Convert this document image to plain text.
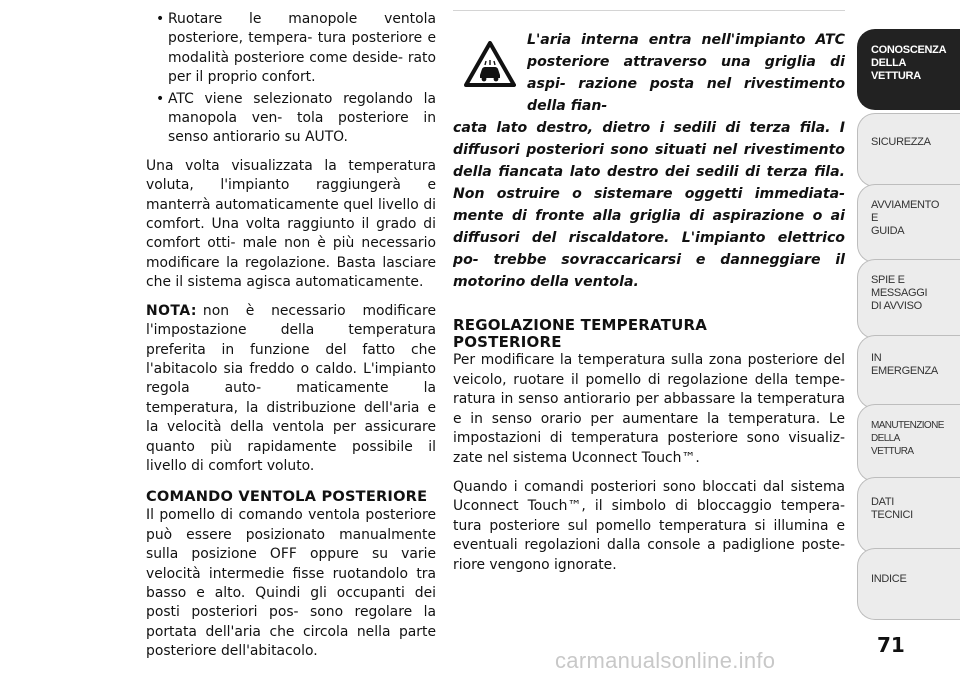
• Ruotare le manopole ventola posteriore, tempera- tura posteriore e modalità posteriore come deside- rato per il proprio confort.
• ATC viene selezionato regolando la manopola ven- tola posteriore in senso antiorario su AUTO.

Una volta visualizzata la temperatura voluta, l'impianto raggiungerà e manterrà automaticamente quel livello di comfort. Una volta raggiunto il grado di comfort otti- male non è più necessario modificare la regolazione. Basta lasciare che il sistema agisca automaticamente.

NOTA: non è necessario modificare l'impostazione della temperatura preferita in funzione del fatto che l'abitacolo sia freddo o caldo. L'impianto regola auto- maticamente la temperatura, la distribuzione dell'aria e la velocità della ventola per assicurare quanto più rapidamente possibile il livello di comfort voluto.

COMANDO VENTOLA POSTERIORE

Il pomello di comando ventola posteriore può essere posizionato manualmente sulla posizione OFF oppure su varie velocità intermedie fisse ruotandolo tra basso e alto. Quindi gli occupanti dei posti posteriori pos- sono regolare la portata dell'aria che circola nella parte posteriore dell'abitacolo.

L'aria interna entra nell'impianto ATC posteriore attraverso una griglia di aspi- razione posta nel rivestimento della fian-
cata lato destro, dietro i sedili di terza fila. I diffusori posteriori sono situati nel rivestimento della fiancata lato destro dei sedili di terza fila. Non ostruire o sistemare oggetti immediata- mente di fronte alla griglia di aspirazione o ai diffusori del riscaldatore. L'impianto elettrico po- trebbe sovraccaricarsi e danneggiare il motorino della ventola.

REGOLAZIONE TEMPERATURA

POSTERIORE

Per modificare la temperatura sulla zona posteriore del veicolo, ruotare il pomello di regolazione della tempe- ratura in senso antiorario per abbassare la temperatura e in senso orario per aumentare la temperatura. Le impostazioni di temperatura posteriore sono visualiz- zate nel sistema Uconnect Touch™.

Quando i comandi posteriori sono bloccati dal sistema Uconnect Touch™, il simbolo di bloccaggio tempera- tura posteriore sul pomello temperatura si illumina e eventuali regolazioni dalla console a padiglione poste- riore vengono ignorate.

CONOSCENZA
DELLA
VETTURA
SICUREZZA
AVVIAMENTO
E
GUIDA
SPIE E
MESSAGGI
DI AVVISO
IN
EMERGENZA
MANUTENZIONE
DELLA
VETTURA
DATI
TECNICI
INDICE
71
carmanualsonline.info
